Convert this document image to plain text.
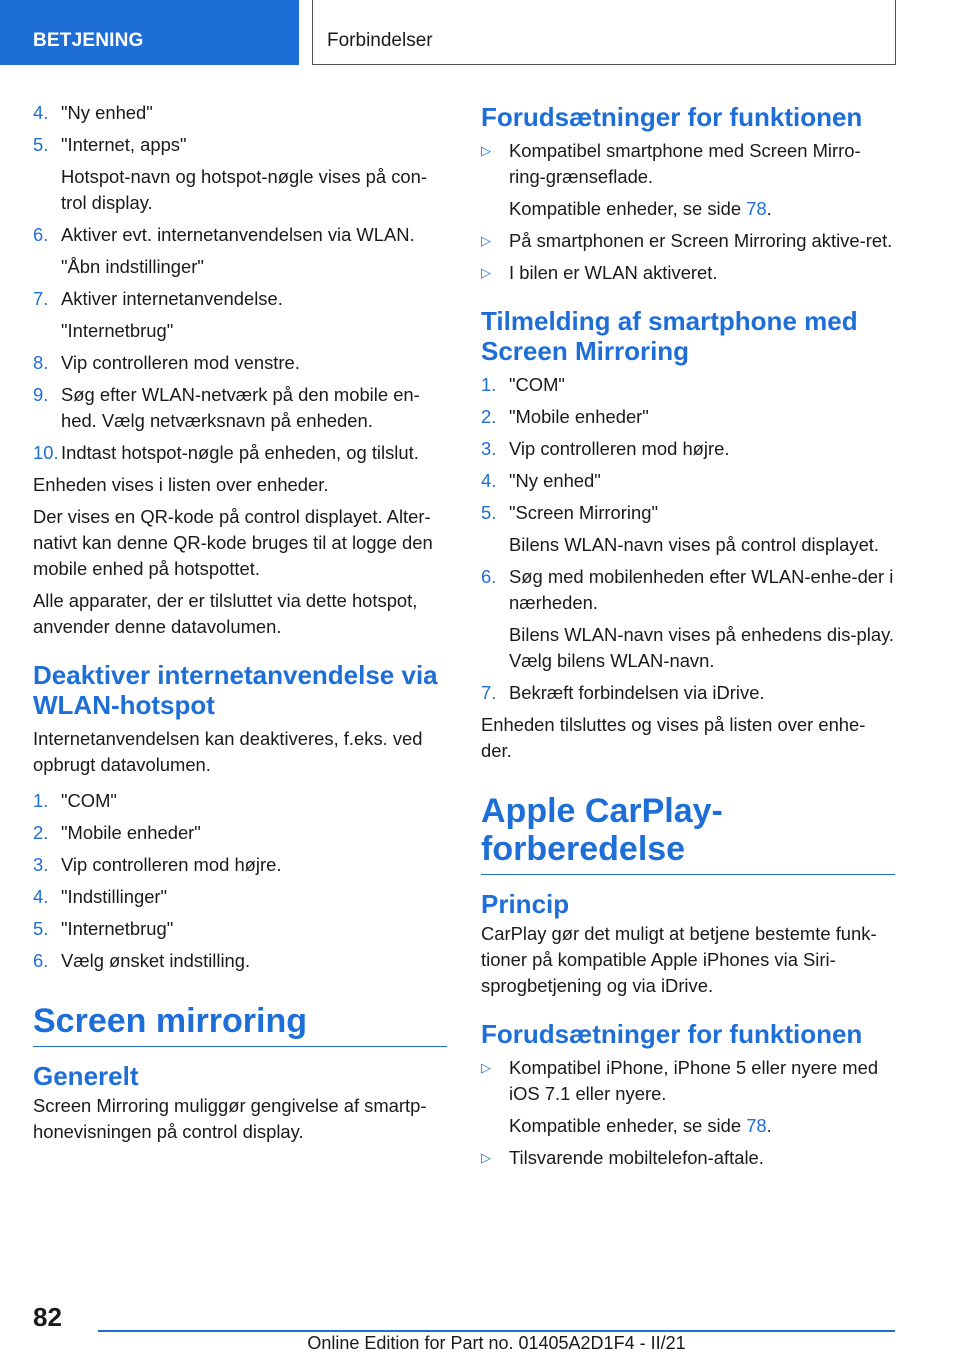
BETJENING	Forbindelser
4. "Ny enhed"
5. "Internet, apps"
Hotspot-navn og hotspot-nøgle vises på con-trol display.
6. Aktiver evt. internetanvendelsen via WLAN.
"Åbn indstillinger"
7. Aktiver internetanvendelse.
"Internetbrug"
8. Vip controlleren mod venstre.
9. Søg efter WLAN-netværk på den mobile en-hed. Vælg netværksnavn på enheden.
10. Indtast hotspot-nøgle på enheden, og tilslut.

Enheden vises i listen over enheder.

Der vises en QR-kode på control displayet. Alter-nativt kan denne QR-kode bruges til at logge den mobile enhed på hotspottet.

Alle apparater, der er tilsluttet via dette hotspot, anvender denne datavolumen.

Deaktiver internetanvendelse via WLAN-hotspot

Internetanvendelsen kan deaktiveres, f.eks. ved opbrugt datavolumen.

1. "COM"
2. "Mobile enheder"
3. Vip controlleren mod højre.
4. "Indstillinger"
5. "Internetbrug"
6. Vælg ønsket indstilling.
Screen mirroring
Generelt

Screen Mirroring muliggør gengivelse af smartp-honevisningen på control display.

Forudsætninger for funktionen
▷ Kompatibel smartphone med Screen Mirro-ring-grænseflade.
Kompatible enheder, se side 78.
▷ På smartphonen er Screen Mirroring aktive-ret.
▷ I bilen er WLAN aktiveret.
Tilmelding af smartphone med Screen Mirroring
1. "COM"
2. "Mobile enheder"
3. Vip controlleren mod højre.
4. "Ny enhed"
5. "Screen Mirroring"
Bilens WLAN-navn vises på control displayet.
6. Søg med mobilenheden efter WLAN-enhe-der i nærheden.
Bilens WLAN-navn vises på enhedens dis-play. Vælg bilens WLAN-navn.
7. Bekræft forbindelsen via iDrive.

Enheden tilsluttes og vises på listen over enhe-der.

Apple CarPlay-forberedelse
Princip

CarPlay gør det muligt at betjene bestemte funk-tioner på kompatible Apple iPhones via Siri-sprogbetjening og via iDrive.

Forudsætninger for funktionen
▷ Kompatibel iPhone, iPhone 5 eller nyere med iOS 7.1 eller nyere.
Kompatible enheder, se side 78.
▷ Tilsvarende mobiltelefon-aftale.
82
Online Edition for Part no. 01405A2D1F4 - II/21
